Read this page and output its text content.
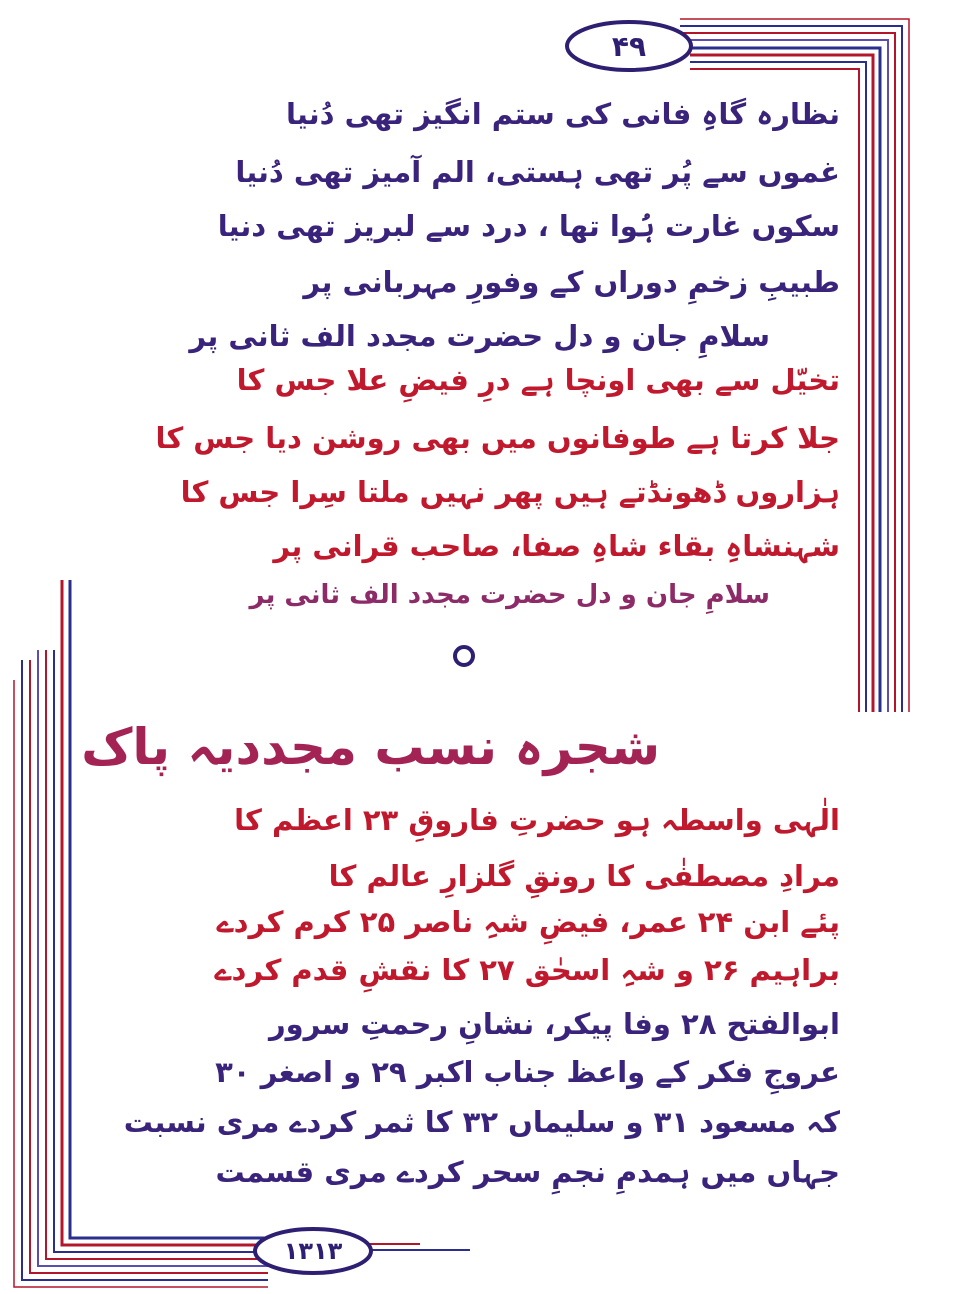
۴۹
۱۳۱۳
نظارہ گاہِ فانی کی ستم انگیز تھی دُنیا
غموں سے پُر تھی ہستی، الم آمیز تھی دُنیا
سکوں غارت ہُوا تھا ، درد سے لبریز تھی دنیا
طبیبِ زخمِ دوراں کے وفورِ مہربانی پر
سلامِ جان و دل حضرت مجدد الف ثانی پر
تخیّل سے بھی اونچا ہے درِ فیضِ علا جس کا
جلا کرتا ہے طوفانوں میں بھی روشن دیا جس کا
ہزاروں ڈھونڈتے ہیں پھر نہیں ملتا سِرا جس کا
شہنشاہِ بقاء شاہِ صفا، صاحب قرانی پر
سلامِ جان و دل حضرت مجدد الف ثانی پر
شجرہ نسب مجددیہ پاک
الٰہی واسطہ ہو حضرتِ فاروقِ ۲۳ اعظم کا
مرادِ مصطفٰی کا رونقِ گلزارِ عالم کا
پئے ابن ۲۴ عمر، فیضِ شہِ ناصر ۲۵ کرم کردے
براہیم ۲۶ و شہِ اسحٰق ۲۷ کا نقشِ قدم کردے
ابوالفتح ۲۸ وفا پیکر، نشانِ رحمتِ سرور
عروجِ فکر کے واعظ جناب اکبر ۲۹ و اصغر ۳۰
کہ مسعود ۳۱ و سلیماں ۳۲ کا ثمر کردے مری نسبت
جہاں میں ہمدمِ نجمِ سحر کردے مری قسمت
